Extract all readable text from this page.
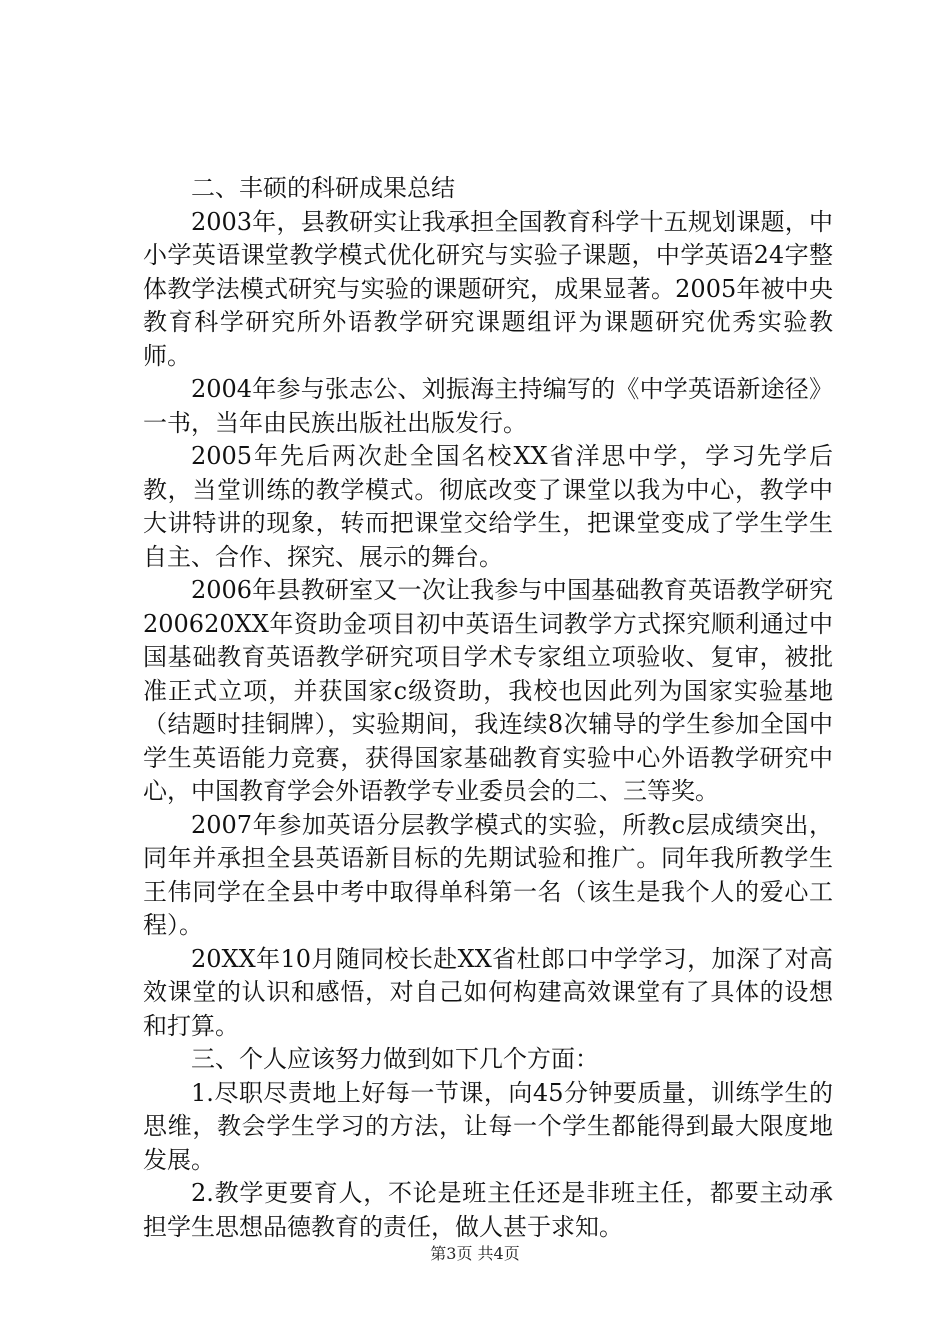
二、丰硕的科研成果总结

2003年，县教研实让我承担全国教育科学十五规划课题，中小学英语课堂教学模式优化研究与实验子课题，中学英语24字整体教学法模式研究与实验的课题研究，成果显著。2005年被中央教育科学研究所外语教学研究课题组评为课题研究优秀实验教师。

2004年参与张志公、刘振海主持编写的《中学英语新途径》一书，当年由民族出版社出版发行。

2005年先后两次赴全国名校XX省洋思中学，学习先学后教，当堂训练的教学模式。彻底改变了课堂以我为中心，教学中大讲特讲的现象，转而把课堂交给学生，把课堂变成了学生学生自主、合作、探究、展示的舞台。

2006年县教研室又一次让我参与中国基础教育英语教学研究200620XX年资助金项目初中英语生词教学方式探究顺利通过中国基础教育英语教学研究项目学术专家组立项验收、复审，被批准正式立项，并获国家c级资助，我校也因此列为国家实验基地（结题时挂铜牌），实验期间，我连续8次辅导的学生参加全国中学生英语能力竞赛，获得国家基础教育实验中心外语教学研究中心，中国教育学会外语教学专业委员会的二、三等奖。

2007年参加英语分层教学模式的实验，所教c层成绩突出，同年并承担全县英语新目标的先期试验和推广。同年我所教学生王伟同学在全县中考中取得单科第一名（该生是我个人的爱心工程）。

20XX年10月随同校长赴XX省杜郎口中学学习，加深了对高效课堂的认识和感悟，对自己如何构建高效课堂有了具体的设想和打算。

三、个人应该努力做到如下几个方面：

1.尽职尽责地上好每一节课，向45分钟要质量，训练学生的思维，教会学生学习的方法，让每一个学生都能得到最大限度地发展。

2.教学更要育人，不论是班主任还是非班主任，都要主动承担学生思想品德教育的责任，做人甚于求知。

第3页 共4页
